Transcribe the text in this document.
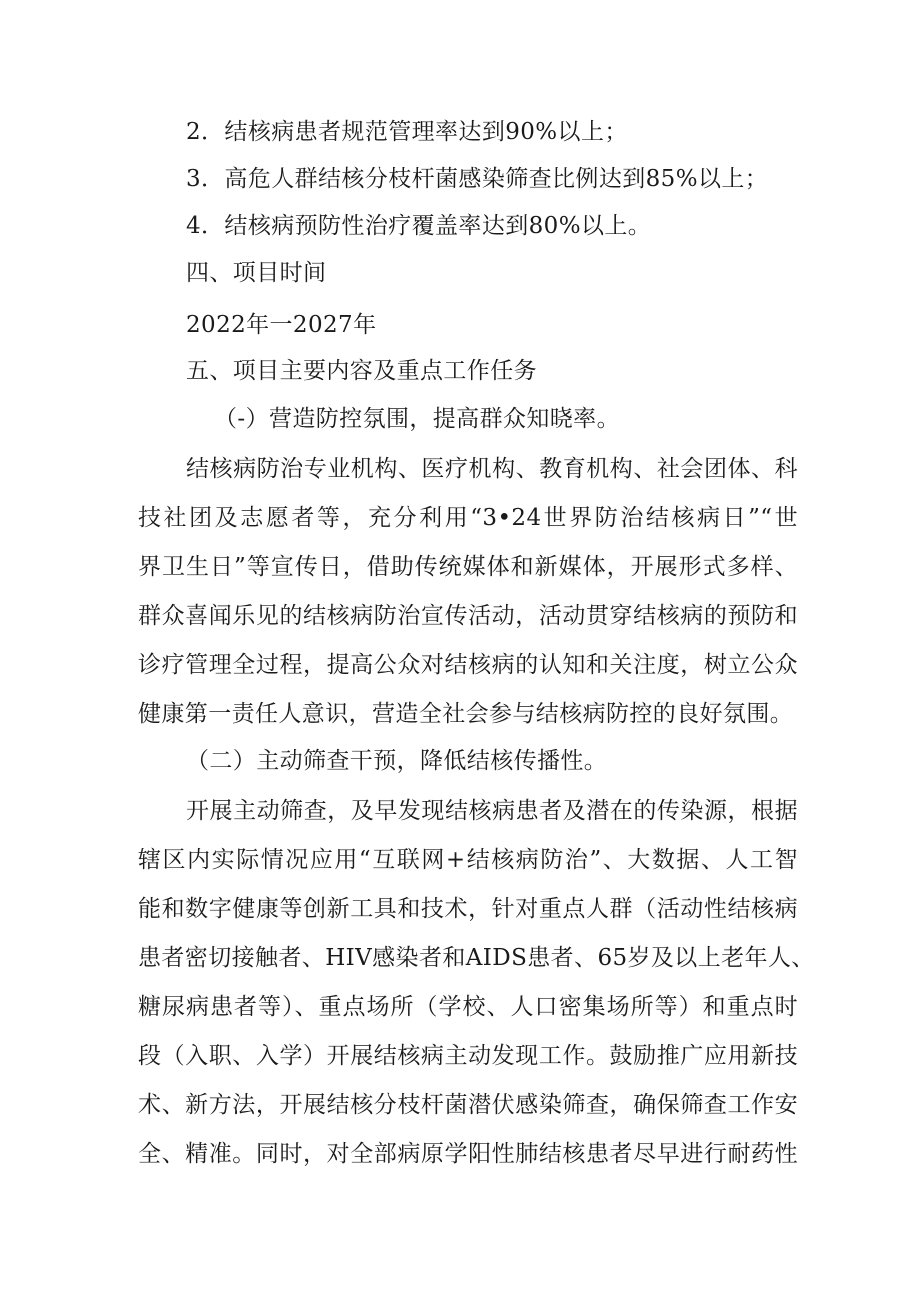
2．结核病患者规范管理率达到90%以上；
3．高危人群结核分枝杆菌感染筛查比例达到85%以上；
4．结核病预防性治疗覆盖率达到80%以上。
四、项目时间
2022年一2027年
五、项目主要内容及重点工作任务
（-）营造防控氛围，提高群众知晓率。
结核病防治专业机构、医疗机构、教育机构、社会团体、科
技社团及志愿者等，充分利用“3•24世界防治结核病日”“世
界卫生日”等宣传日，借助传统媒体和新媒体，开展形式多样、
群众喜闻乐见的结核病防治宣传活动，活动贯穿结核病的预防和
诊疗管理全过程，提高公众对结核病的认知和关注度，树立公众
健康第一责任人意识，营造全社会参与结核病防控的良好氛围。
（二）主动筛查干预，降低结核传播性。
开展主动筛查，及早发现结核病患者及潜在的传染源，根据
辖区内实际情况应用“互联网+结核病防治”、大数据、人工智
能和数字健康等创新工具和技术，针对重点人群（活动性结核病
患者密切接触者、HIV感染者和AIDS患者、65岁及以上老年人、
糖尿病患者等）、重点场所（学校、人口密集场所等）和重点时
段（入职、入学）开展结核病主动发现工作。鼓励推广应用新技
术、新方法，开展结核分枝杆菌潜伏感染筛查，确保筛查工作安
全、精准。同时，对全部病原学阳性肺结核患者尽早进行耐药性
